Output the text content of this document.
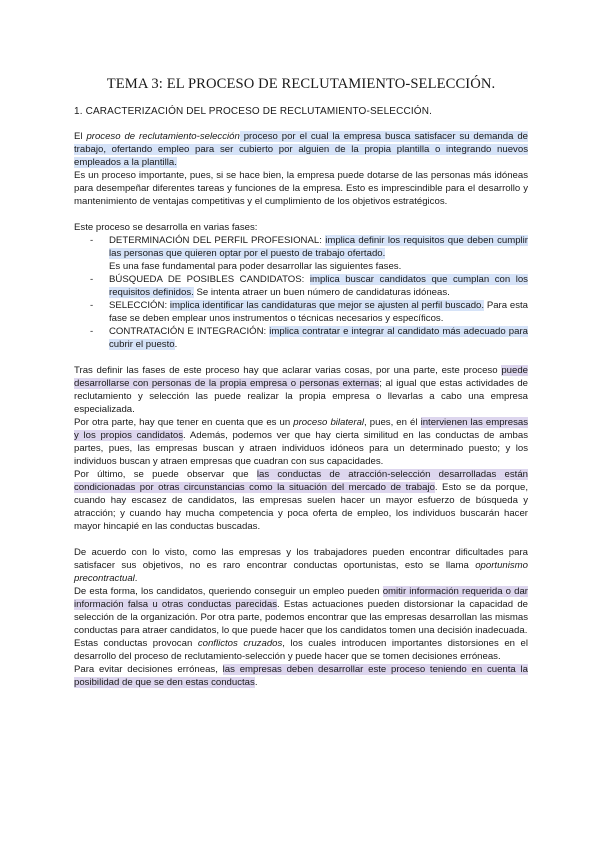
TEMA 3: EL PROCESO DE RECLUTAMIENTO-SELECCIÓN.
1. CARACTERIZACIÓN DEL PROCESO DE RECLUTAMIENTO-SELECCIÓN.

El proceso de reclutamiento-selección proceso por el cual la empresa busca satisfacer su demanda de trabajo, ofertando empleo para ser cubierto por alguien de la propia plantilla o integrando nuevos empleados a la plantilla.

Es un proceso importante, pues, si se hace bien, la empresa puede dotarse de las personas más idóneas para desempeñar diferentes tareas y funciones de la empresa. Esto es imprescindible para el desarrollo y mantenimiento de ventajas competitivas y el cumplimiento de los objetivos estratégicos.

Este proceso se desarrolla en varias fases:

- DETERMINACIÓN DEL PERFIL PROFESIONAL: implica definir los requisitos que deben cumplir las personas que quieren optar por el puesto de trabajo ofertado.
Es una fase fundamental para poder desarrollar las siguientes fases.
- BÚSQUEDA DE POSIBLES CANDIDATOS: implica buscar candidatos que cumplan con los requisitos definidos. Se intenta atraer un buen número de candidaturas idóneas.
- SELECCIÓN: implica identificar las candidaturas que mejor se ajusten al perfil buscado. Para esta fase se deben emplear unos instrumentos o técnicas necesarios y específicos.
- CONTRATACIÓN E INTEGRACIÓN: implica contratar e integrar al candidato más adecuado para cubrir el puesto.

Tras definir las fases de este proceso hay que aclarar varias cosas, por una parte, este proceso puede desarrollarse con personas de la propia empresa o personas externas; al igual que estas actividades de reclutamiento y selección las puede realizar la propia empresa o llevarlas a cabo una empresa especializada.

Por otra parte, hay que tener en cuenta que es un proceso bilateral, pues, en él intervienen las empresas y los propios candidatos. Además, podemos ver que hay cierta similitud en las conductas de ambas partes, pues, las empresas buscan y atraen individuos idóneos para un determinado puesto; y los individuos buscan y atraen empresas que cuadran con sus capacidades.

Por último, se puede observar que las conductas de atracción-selección desarrolladas están condicionadas por otras circunstancias como la situación del mercado de trabajo. Esto se da porque, cuando hay escasez de candidatos, las empresas suelen hacer un mayor esfuerzo de búsqueda y atracción; y cuando hay mucha competencia y poca oferta de empleo, los individuos buscarán hacer mayor hincapié en las conductas buscadas.

De acuerdo con lo visto, como las empresas y los trabajadores pueden encontrar dificultades para satisfacer sus objetivos, no es raro encontrar conductas oportunistas, esto se llama oportunismo precontractual.

De esta forma, los candidatos, queriendo conseguir un empleo pueden omitir información requerida o dar información falsa u otras conductas parecidas. Estas actuaciones pueden distorsionar la capacidad de selección de la organización. Por otra parte, podemos encontrar que las empresas desarrollan las mismas conductas para atraer candidatos, lo que puede hacer que los candidatos tomen una decisión inadecuada.

Estas conductas provocan conflictos cruzados, los cuales introducen importantes distorsiones en el desarrollo del proceso de reclutamiento-selección y puede hacer que se tomen decisiones erróneas.

Para evitar decisiones erróneas, las empresas deben desarrollar este proceso teniendo en cuenta la posibilidad de que se den estas conductas.
